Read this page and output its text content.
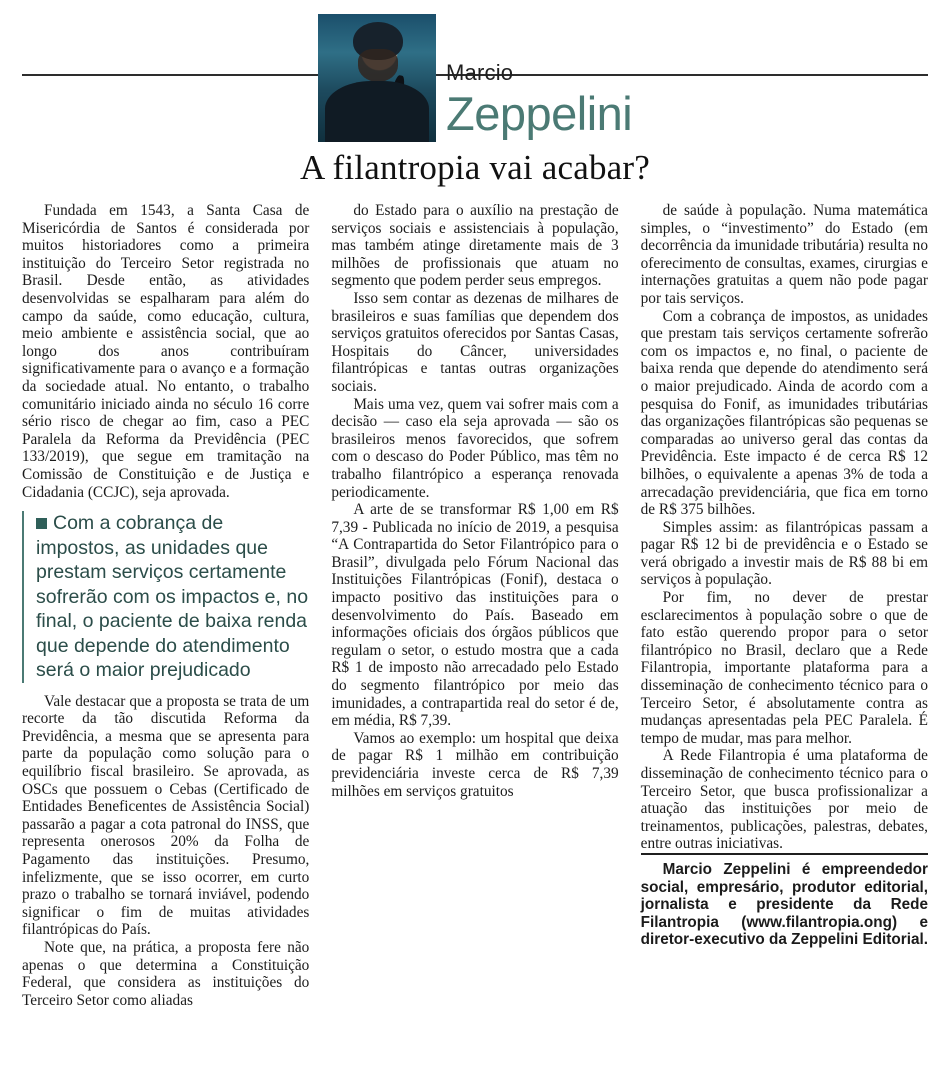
Marcio
Zeppelini
A filantropia vai acabar?

Fundada em 1543, a Santa Casa de Misericórdia de Santos é considerada por muitos historiadores como a primeira instituição do Terceiro Setor registrada no Brasil. Desde então, as atividades desenvolvidas se espalharam para além do campo da saúde, como educação, cultura, meio ambiente e assistência social, que ao longo dos anos contribuíram significativamente para o avanço e a formação da sociedade atual. No entanto, o trabalho comunitário iniciado ainda no século 16 corre sério risco de chegar ao fim, caso a PEC Paralela da Reforma da Previdência (PEC 133/2019), que segue em tramitação na Comissão de Constituição e de Justiça e Cidadania (CCJC), seja aprovada.

Com a cobrança de impostos, as unidades que prestam serviços certamente sofrerão com os impactos e, no final, o paciente de baixa renda que depende do atendimento será o maior prejudicado

Vale destacar que a proposta se trata de um recorte da tão discutida Reforma da Previdência, a mesma que se apresenta para parte da população como solução para o equilíbrio fiscal brasileiro. Se aprovada, as OSCs que possuem o Cebas (Certificado de Entidades Beneficentes de Assistência Social) passarão a pagar a cota patronal do INSS, que representa onerosos 20% da Folha de Pagamento das instituições. Presumo, infelizmente, que se isso ocorrer, em curto prazo o trabalho se tornará inviável, podendo significar o fim de muitas atividades filantrópicas do País.

Note que, na prática, a proposta fere não apenas o que determina a Constituição Federal, que considera as instituições do Terceiro Setor como aliadas

do Estado para o auxílio na prestação de serviços sociais e assistenciais à população, mas também atinge diretamente mais de 3 milhões de profissionais que atuam no segmento que podem perder seus empregos.

Isso sem contar as dezenas de milhares de brasileiros e suas famílias que dependem dos serviços gratuitos oferecidos por Santas Casas, Hospitais do Câncer, universidades filantrópicas e tantas outras organizações sociais.

Mais uma vez, quem vai sofrer mais com a decisão — caso ela seja aprovada — são os brasileiros menos favorecidos, que sofrem com o descaso do Poder Público, mas têm no trabalho filantrópico a esperança renovada periodicamente.

A arte de se transformar R$ 1,00 em R$ 7,39 - Publicada no início de 2019, a pesquisa “A Contrapartida do Setor Filantrópico para o Brasil”, divulgada pelo Fórum Nacional das Instituições Filantrópicas (Fonif), destaca o impacto positivo das instituições para o desenvolvimento do País. Baseado em informações oficiais dos órgãos públicos que regulam o setor, o estudo mostra que a cada R$ 1 de imposto não arrecadado pelo Estado do segmento filantrópico por meio das imunidades, a contrapartida real do setor é de, em média, R$ 7,39.

Vamos ao exemplo: um hospital que deixa de pagar R$ 1 milhão em contribuição previdenciária investe cerca de R$ 7,39 milhões em serviços gratuitos

de saúde à população. Numa matemática simples, o “investimento” do Estado (em decorrência da imunidade tributária) resulta no oferecimento de consultas, exames, cirurgias e internações gratuitas a quem não pode pagar por tais serviços.

Com a cobrança de impostos, as unidades que prestam tais serviços certamente sofrerão com os impactos e, no final, o paciente de baixa renda que depende do atendimento será o maior prejudicado. Ainda de acordo com a pesquisa do Fonif, as imunidades tributárias das organizações filantrópicas são pequenas se comparadas ao universo geral das contas da Previdência. Este impacto é de cerca R$ 12 bilhões, o equivalente a apenas 3% de toda a arrecadação previdenciária, que fica em torno de R$ 375 bilhões.

Simples assim: as filantrópicas passam a pagar R$ 12 bi de previdência e o Estado se verá obrigado a investir mais de R$ 88 bi em serviços à população.

Por fim, no dever de prestar esclarecimentos à população sobre o que de fato estão querendo propor para o setor filantrópico no Brasil, declaro que a Rede Filantropia, importante plataforma para a disseminação de conhecimento técnico para o Terceiro Setor, é absolutamente contra as mudanças apresentadas pela PEC Paralela. É tempo de mudar, mas para melhor.

A Rede Filantropia é uma plataforma de disseminação de conhecimento técnico para o Terceiro Setor, que busca profissionalizar a atuação das instituições por meio de treinamentos, publicações, palestras, debates, entre outras iniciativas.

Marcio Zeppelini é empreendedor social, empresário, produtor editorial, jornalista e presidente da Rede Filantropia (www.filantropia.ong) e diretor-executivo da Zeppelini Editorial.
